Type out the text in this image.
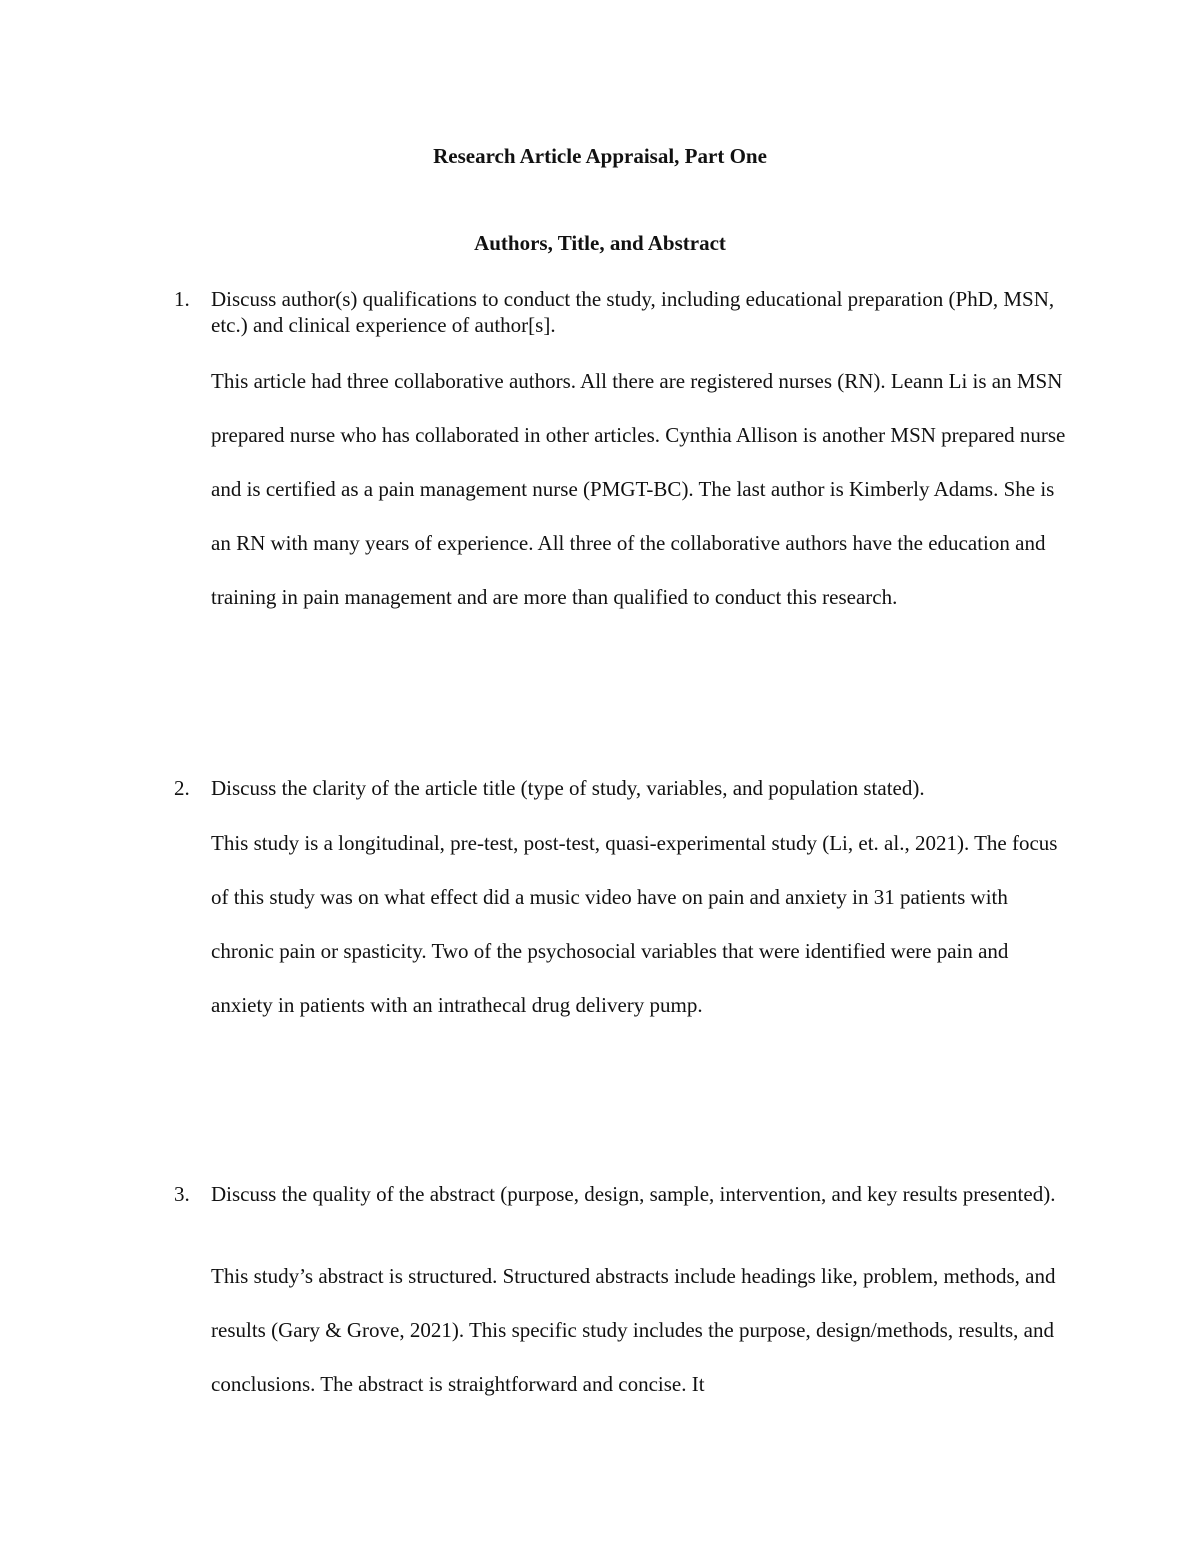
Research Article Appraisal, Part One
Authors, Title, and Abstract
1.	Discuss author(s) qualifications to conduct the study, including educational preparation (PhD, MSN, etc.) and clinical experience of author[s].
This article had three collaborative authors. All there are registered nurses (RN). Leann Li is an MSN prepared nurse who has collaborated in other articles. Cynthia Allison is another MSN prepared nurse and is certified as a pain management nurse (PMGT-BC). The last author is Kimberly Adams. She is an RN with many years of experience. All three of the collaborative authors have the education and training in pain management and are more than qualified to conduct this research.
2.	Discuss the clarity of the article title (type of study, variables, and population stated).
This study is a longitudinal, pre-test, post-test, quasi-experimental study (Li, et. al., 2021). The focus of this study was on what effect did a music video have on pain and anxiety in 31 patients with chronic pain or spasticity. Two of the psychosocial variables that were identified were pain and anxiety in patients with an intrathecal drug delivery pump.
3.	Discuss the quality of the abstract (purpose, design, sample, intervention, and key results presented).
This study’s abstract is structured. Structured abstracts include headings like, problem, methods, and results (Gary & Grove, 2021). This specific study includes the purpose, design/methods, results, and conclusions. The abstract is straightforward and concise. It
